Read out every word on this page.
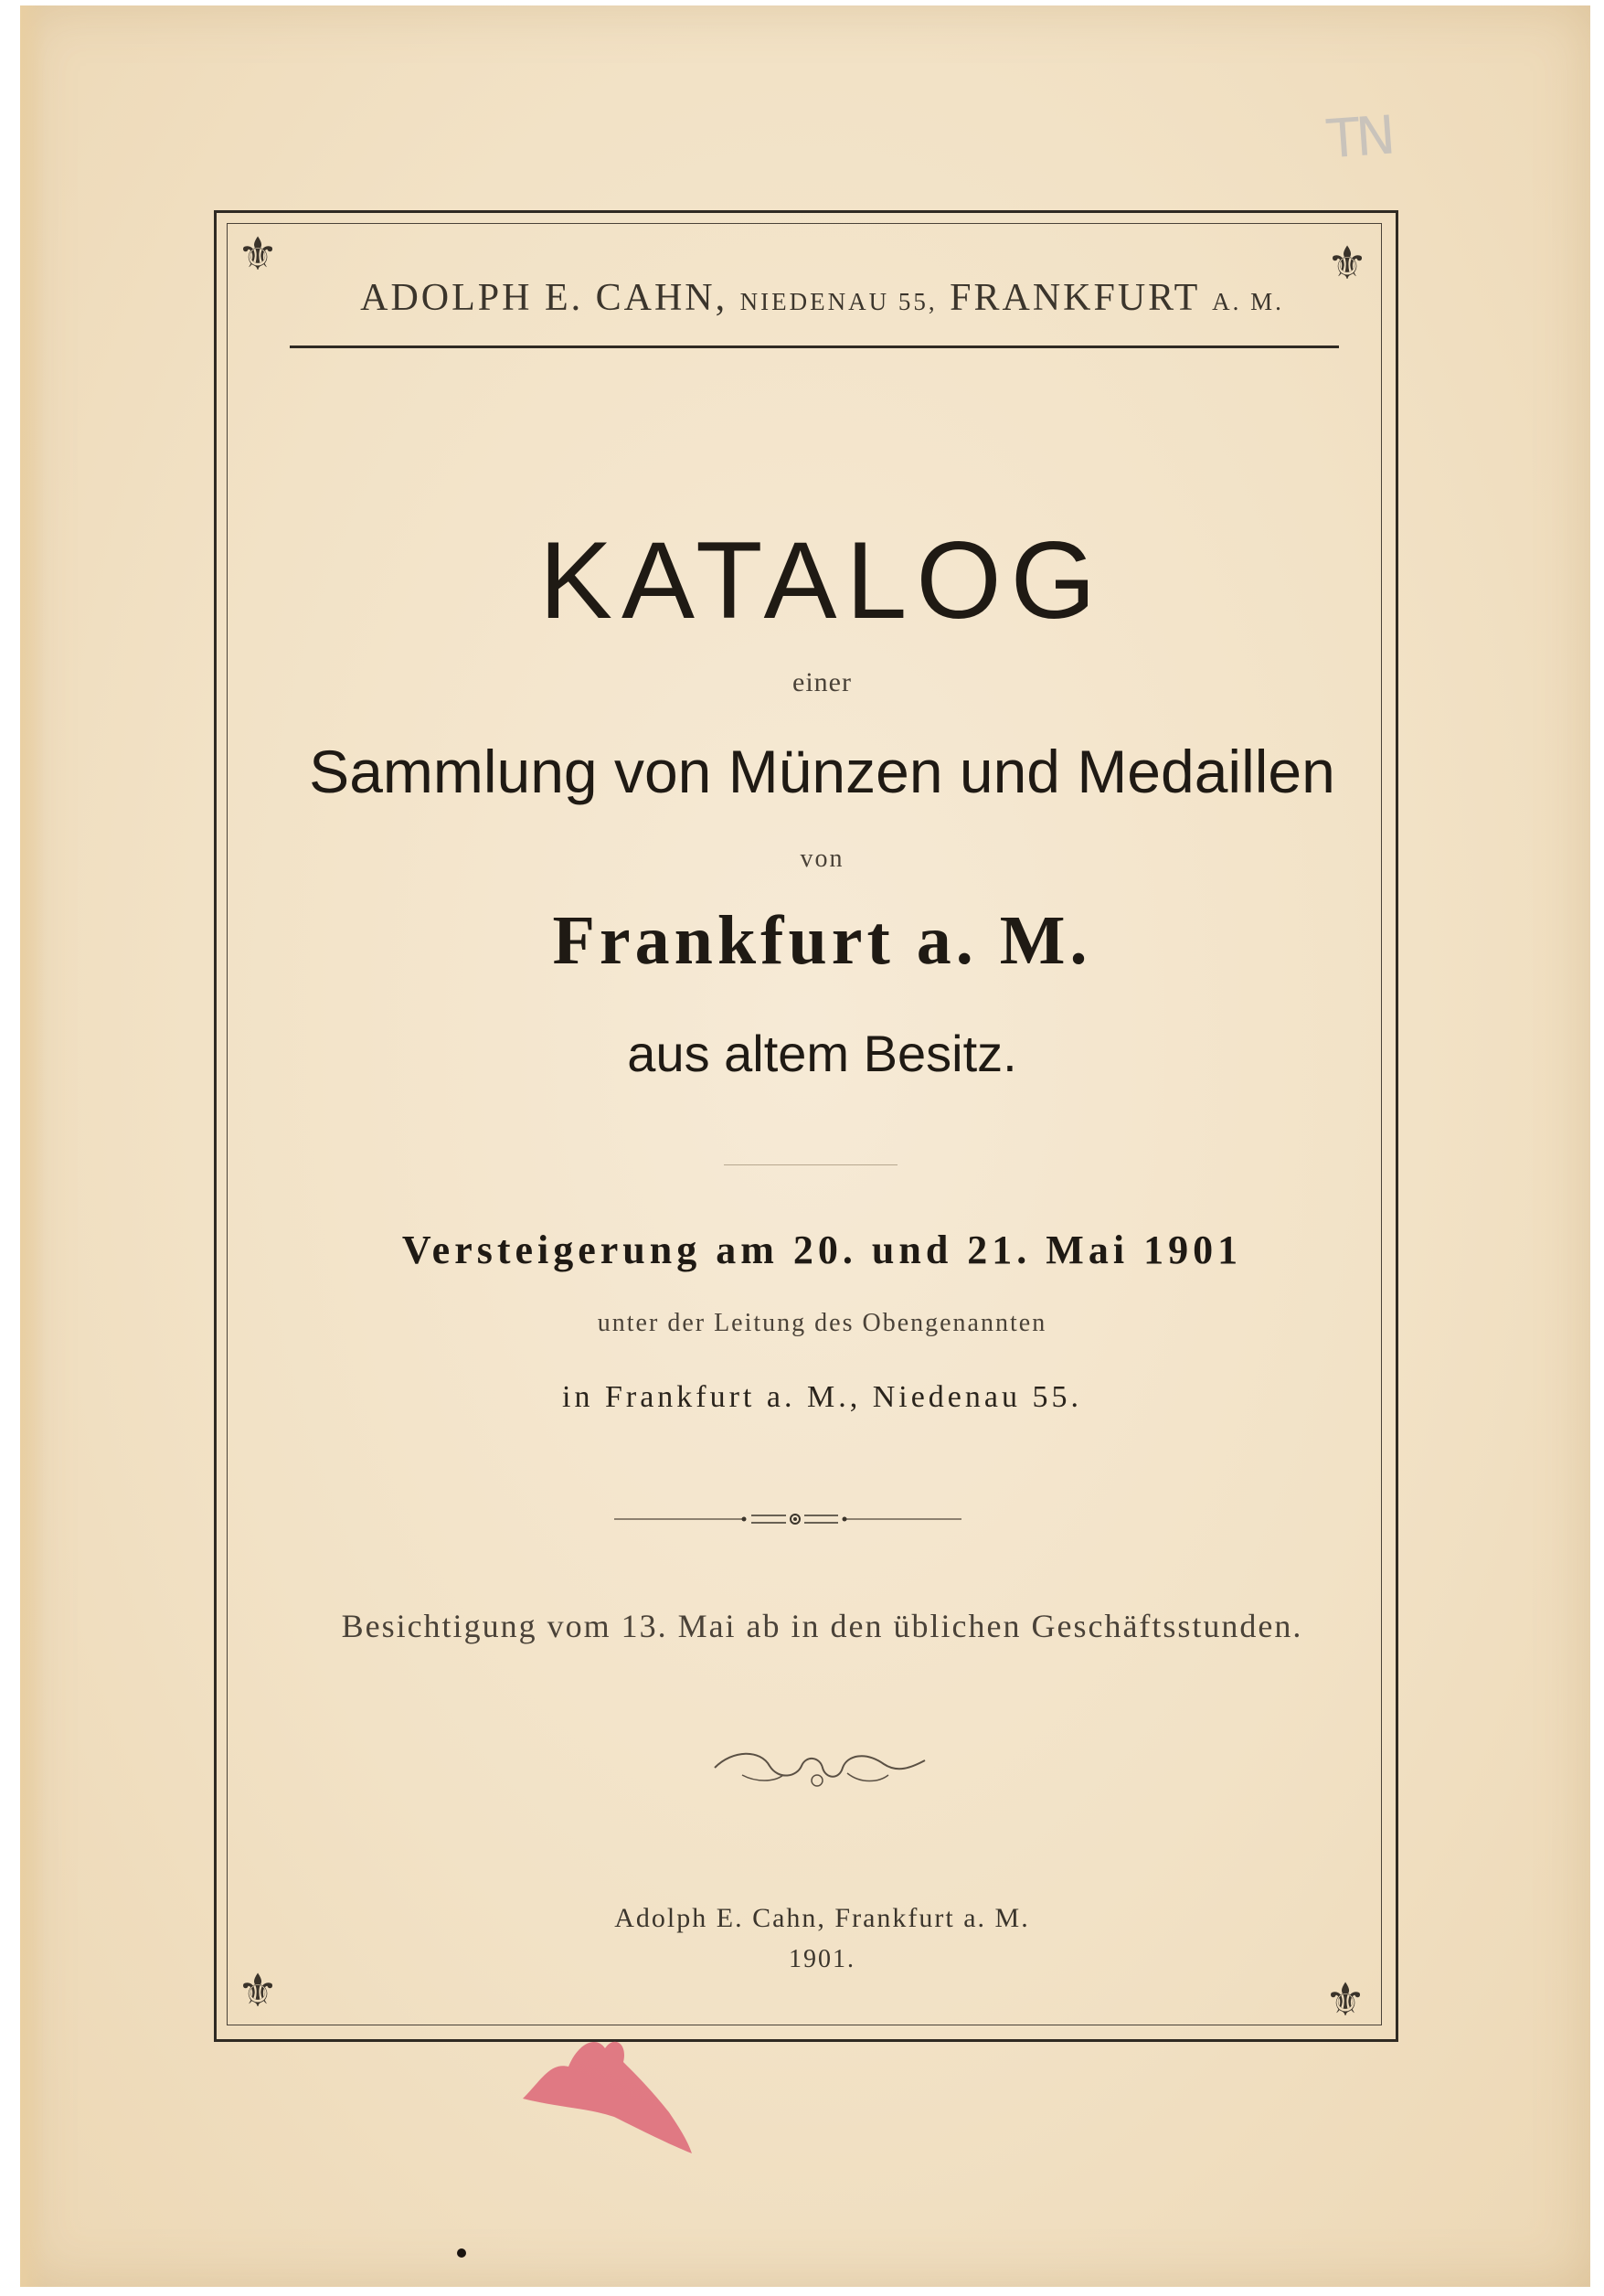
TN
⚜	⚜
⚜	⚜
ADOLPH E. CAHN, NIEDENAU 55, FRANKFURT A. M.
KATALOG
einer
Sammlung von Münzen und Medaillen
von
Frankfurt a. M.
aus altem Besitz.
Versteigerung am 20. und 21. Mai 1901
unter der Leitung des Obengenannten
in Frankfurt a. M., Niedenau 55.
Besichtigung vom 13. Mai ab in den üblichen Geschäftsstunden.
Adolph E. Cahn, Frankfurt a. M.
1901.
